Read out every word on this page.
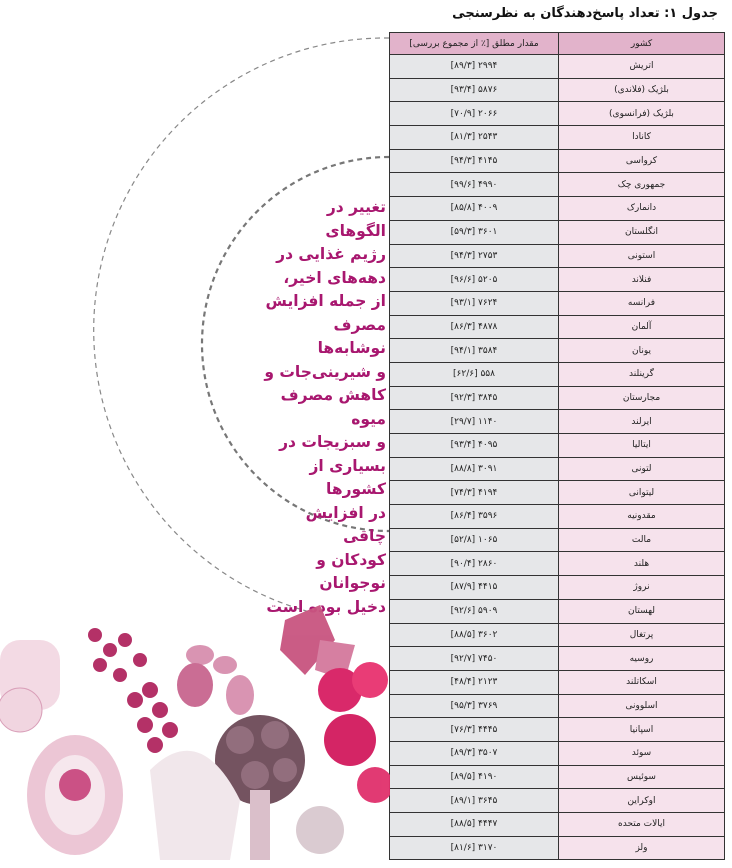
جدول ۱: تعداد پاسخ‌دهندگان به نظرسنجی
کشور	مقدار مطلق [٪ از مجموع بررسی]
اتریش	۲۹۹۴ [۸۹/۳]
بلژیک (فلاندی)	۵۸۷۶ [۹۳/۴]
بلژیک (فرانسوی)	۲۰۶۶ [۷۰/۹]
کانادا	۲۵۴۳ [۸۱/۳]
کرواسی	۴۱۴۵ [۹۴/۳]
جمهوری چک	۴۹۹۰ [۹۹/۶]
دانمارک	۴۰۰۹ [۸۵/۸]
انگلستان	۳۶۰۱ [۵۹/۳]
استونی	۲۷۵۳ [۹۴/۳]
فنلاند	۵۲۰۵ [۹۶/۶]
فرانسه	۷۶۲۴ [۹۳/۱]
آلمان	۴۸۷۸ [۸۶/۳]
یونان	۳۵۸۴ [۹۴/۱]
گرینلند	۵۵۸ [۶۲/۶]
مجارستان	۳۸۴۵ [۹۲/۳]
ایرلند	۱۱۴۰ [۲۹/۷]
ایتالیا	۴۰۹۵ [۹۳/۴]
لتونی	۳۰۹۱ [۸۸/۸]
لیتوانی	۴۱۹۴ [۷۴/۳]
مقدونیه	۳۵۹۶ [۸۶/۴]
مالت	۱۰۶۵ [۵۲/۸]
هلند	۲۸۶۰ [۹۰/۴]
نروژ	۴۴۱۵ [۸۷/۹]
لهستان	۵۹۰۹ [۹۲/۶]
پرتغال	۳۶۰۲ [۸۸/۵]
روسیه	۷۴۵۰ [۹۲/۷]
اسکاتلند	۲۱۲۳ [۴۸/۴]
اسلوونی	۳۷۶۹ [۹۵/۳]
اسپانیا	۴۴۴۵ [۷۶/۳]
سوئد	۳۵۰۷ [۸۹/۳]
سوئیس	۴۱۹۰ [۸۹/۵]
اوکراین	۳۶۴۵ [۸۹/۱]
ایالات متحده	۴۴۴۷ [۸۸/۵]
ولز	۳۱۷۰ [۸۱/۶]
تغییر در الگوهای
رژیم غذایی در
دهه‌های اخیر،
از جمله افزایش
مصرف نوشابه‌ها
و شیرینی‌جات و
کاهش مصرف میوه
و سبزیجات در
بسیاری از کشورها
در افزایش چاقی
کودکان و نوجوانان
دخیل بوده است
